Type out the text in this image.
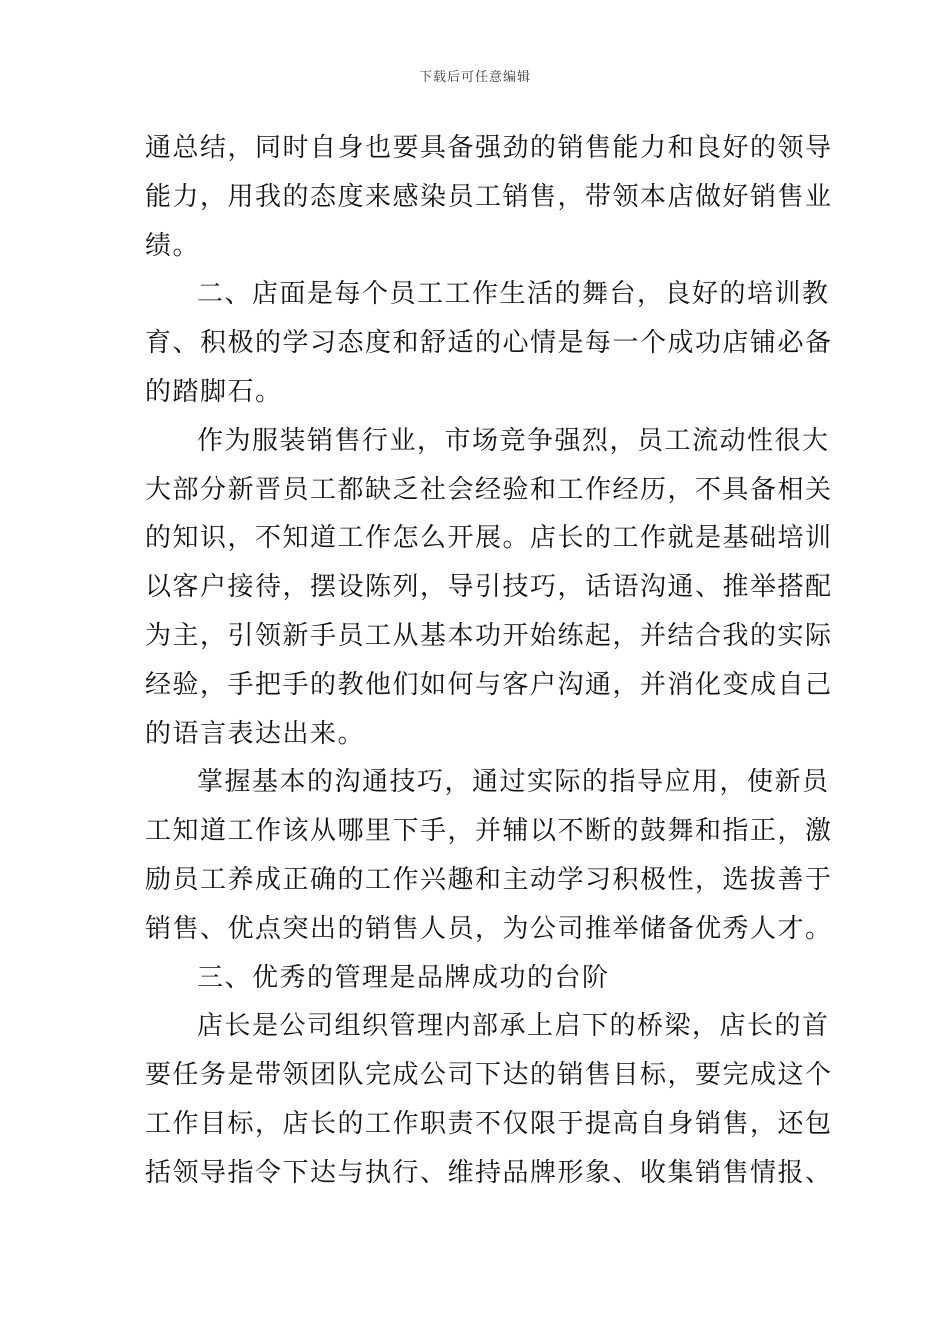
下载后可任意编辑
通总结，同时自身也要具备强劲的销售能力和良好的领导
能力，用我的态度来感染员工销售，带领本店做好销售业
绩。
二、店面是每个员工工作生活的舞台，良好的培训教
育、积极的学习态度和舒适的心情是每一个成功店铺必备
的踏脚石。
作为服装销售行业，市场竞争强烈，员工流动性很大
大部分新晋员工都缺乏社会经验和工作经历，不具备相关
的知识，不知道工作怎么开展。店长的工作就是基础培训
以客户接待，摆设陈列，导引技巧，话语沟通、推举搭配
为主，引领新手员工从基本功开始练起，并结合我的实际
经验，手把手的教他们如何与客户沟通，并消化变成自己
的语言表达出来。
掌握基本的沟通技巧，通过实际的指导应用，使新员
工知道工作该从哪里下手，并辅以不断的鼓舞和指正，激
励员工养成正确的工作兴趣和主动学习积极性，选拔善于
销售、优点突出的销售人员，为公司推举储备优秀人才。
三、优秀的管理是品牌成功的台阶
店长是公司组织管理内部承上启下的桥梁，店长的首
要任务是带领团队完成公司下达的销售目标，要完成这个
工作目标，店长的工作职责不仅限于提高自身销售，还包
括领导指令下达与执行、维持品牌形象、收集销售情报、
